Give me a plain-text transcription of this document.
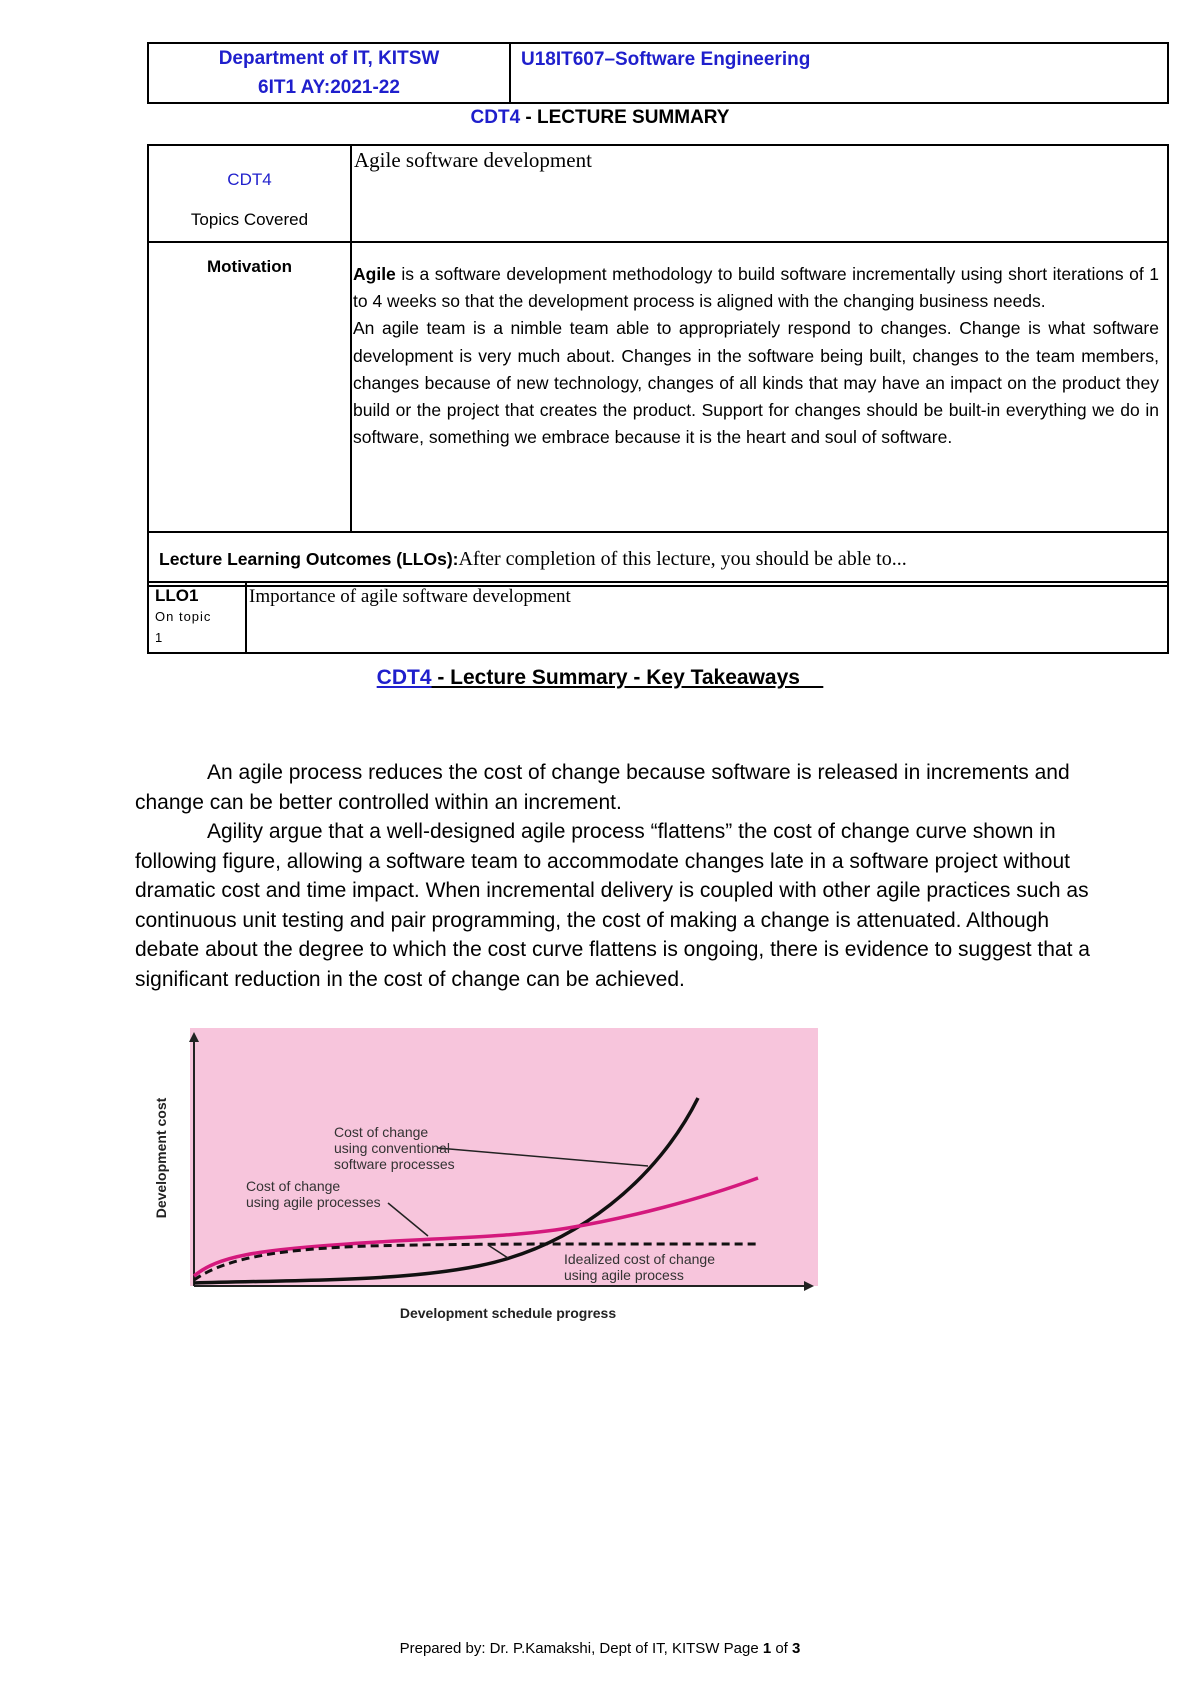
Department of IT, KITSW
6IT1 AY:2021-22
	U18IT607–Software Engineering
CDT4 - LECTURE SUMMARY
CDT4
Topics Covered	Agile software development
Motivation	Agile is a software development methodology to build software incrementally using short iterations of 1 to 4 weeks so that the development process is aligned with the changing business needs.
An agile team is a nimble team able to appropriately respond to changes. Change is what software development is very much about. Changes in the software being built, changes to the team members, changes because of new technology, changes of all kinds that may have an impact on the product they build or the project that creates the product. Support for changes should be built-in everything we do in software, something we embrace because it is the heart and soul of software.

Lecture Learning Outcomes (LLOs):After completion of this lecture, you should be able to...	
LLO1
On topic
1
	Importance of agile software development
CDT4 - Lecture Summary - Key Takeaways

An agile process reduces the cost of change because software is released in increments and change can be better controlled within an increment.

Agility argue that a well-designed agile process “flattens” the cost of change curve shown in following figure, allowing a software team to accommodate changes late in a software project without dramatic cost and time impact. When incremental delivery is coupled with other agile practices such as continuous unit testing and pair programming, the cost of making a change is attenuated. Although debate about the degree to which the cost curve flattens is ongoing, there is evidence to suggest that a significant reduction in the cost of change can be achieved.

Development cost
Development schedule progress
Cost of change
using conventional
software processes
Cost of change
using agile processes
Idealized cost of change
using agile process
Prepared by: Dr. P.Kamakshi, Dept of IT, KITSW Page 1 of 3
